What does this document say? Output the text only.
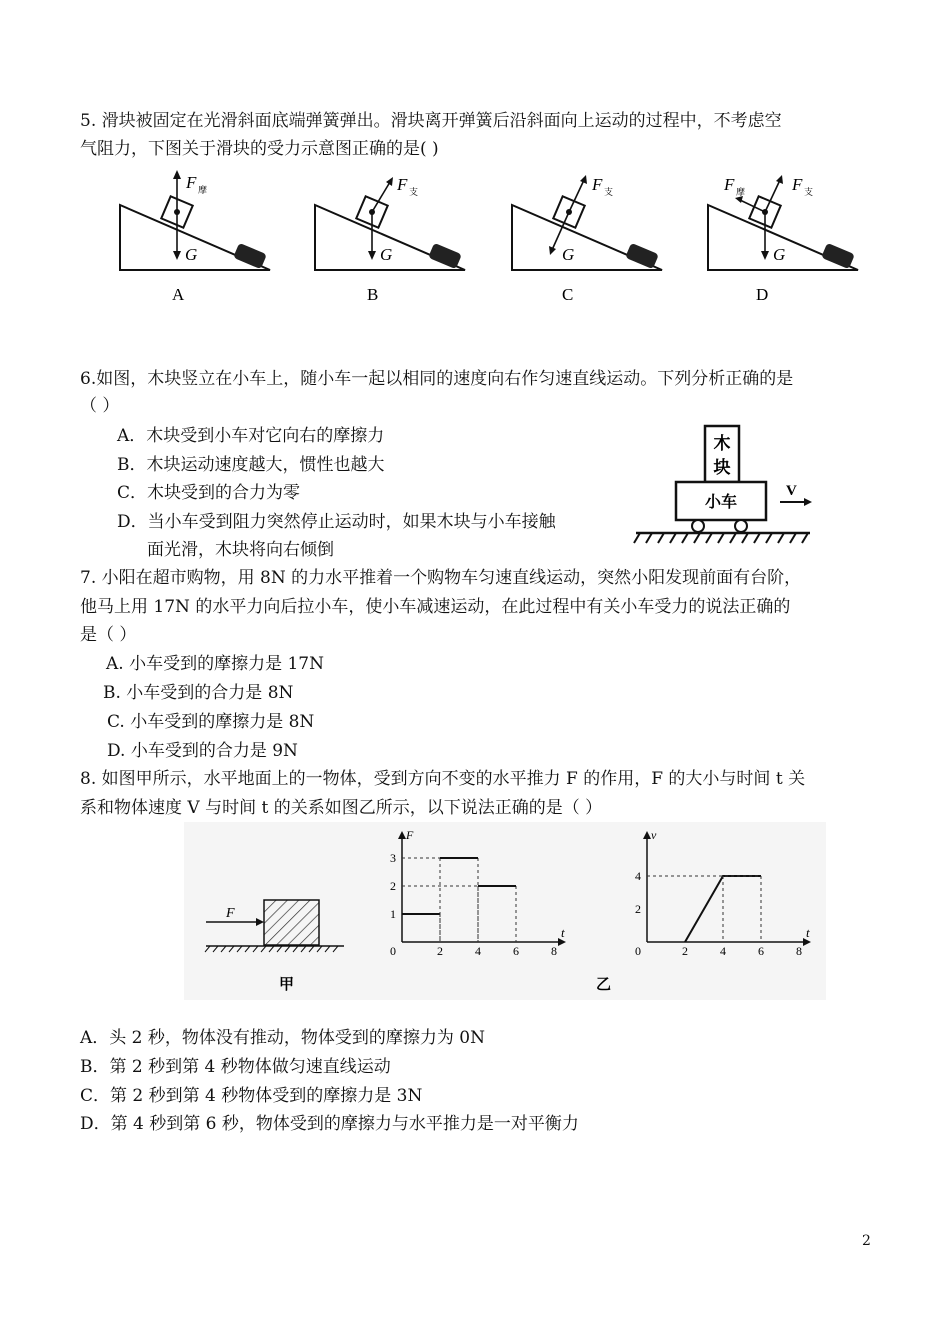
5. 滑块被固定在光滑斜面底端弹簧弹出。滑块离开弹簧后沿斜面向上运动的过程中，不考虑空
气阻力，下图关于滑块的受力示意图正确的是( )
F 摩
G
A
F 支
G
B
F 支
G
C
F 摩	F 支
G
D
6.如图，木块竖立在小车上，随小车一起以相同的速度向右作匀速直线运动。下列分析正确的是
（ ）
A．木块受到小车对它向右的摩擦力
B．木块运动速度越大，惯性也越大
C．木块受到的合力为零
D．当小车受到阻力突然停止运动时，如果木块与小车接触
面光滑，木块将向右倾倒
木
块
小车
V
7. 小阳在超市购物，用 8N 的力水平推着一个购物车匀速直线运动，突然小阳发现前面有台阶，
他马上用 17N 的水平力向后拉小车，使小车减速运动，在此过程中有关小车受力的说法正确的
是（ ）
A. 小车受到的摩擦力是 17N
B. 小车受到的合力是 8N
C. 小车受到的摩擦力是 8N
D. 小车受到的合力是 9N
8. 如图甲所示，水平地面上的一物体，受到方向不变的水平推力 F 的作用，F 的大小与时间 t 关
系和物体速度 V 与时间 t 的关系如图乙所示，以下说法正确的是（ ）
F
甲
F
t
0	2	4	6	8
1
2
3
v
t
0	2	4	6	8
2
4
乙
A．头 2 秒，物体没有推动，物体受到的摩擦力为 0N
B．第 2 秒到第 4 秒物体做匀速直线运动
C．第 2 秒到第 4 秒物体受到的摩擦力是 3N
D．第 4 秒到第 6 秒，物体受到的摩擦力与水平推力是一对平衡力
2
